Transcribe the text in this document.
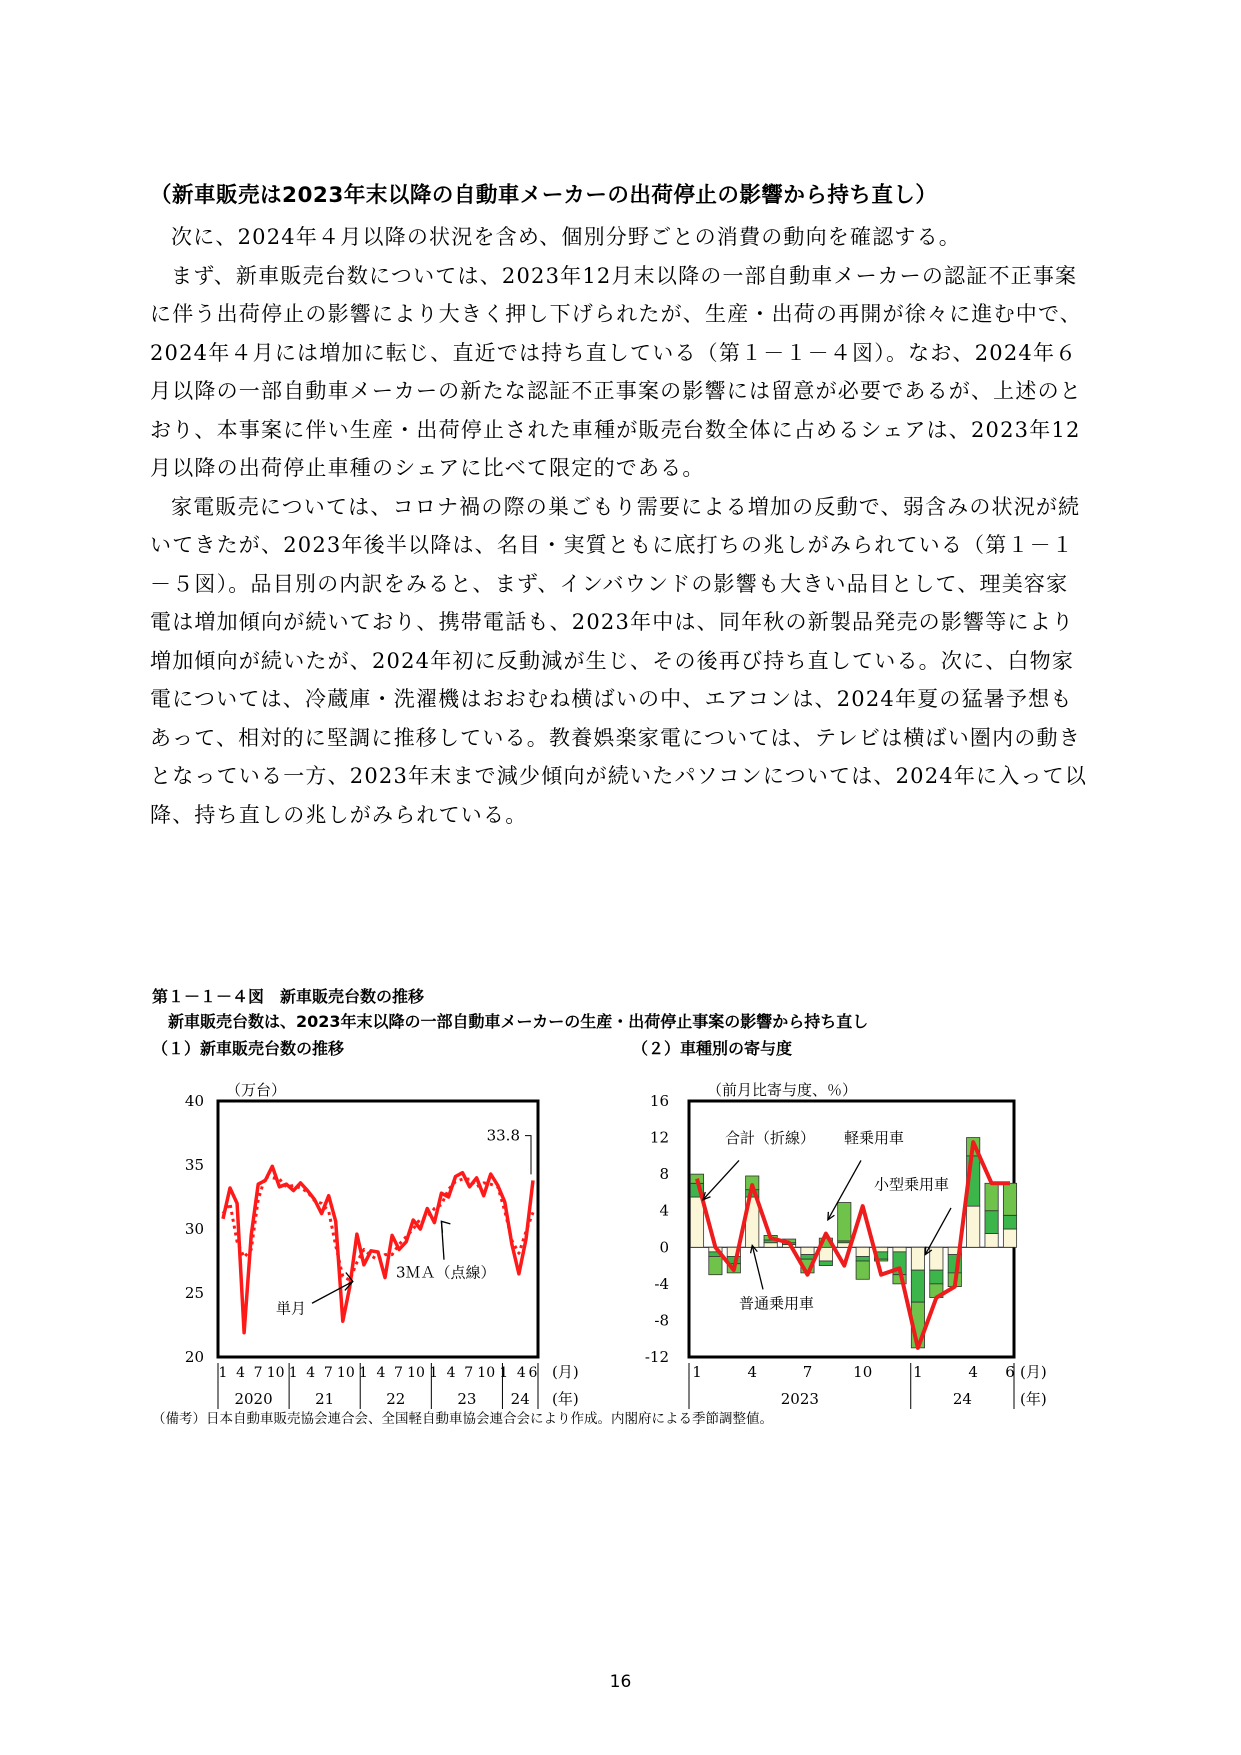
（新車販売は2023年末以降の自動車メーカーの出荷停止の影響から持ち直し）

次に、2024年４月以降の状況を含め、個別分野ごとの消費の動向を確認する。

まず、新車販売台数については、2023年12月末以降の一部自動車メーカーの認証不正事案に伴う出荷停止の影響により大きく押し下げられたが、生産・出荷の再開が徐々に進む中で、2024年４月には増加に転じ、直近では持ち直している（第１－１－４図）。なお、2024年６月以降の一部自動車メーカーの新たな認証不正事案の影響には留意が必要であるが、上述のとおり、本事案に伴い生産・出荷停止された車種が販売台数全体に占めるシェアは、2023年12月以降の出荷停止車種のシェアに比べて限定的である。

家電販売については、コロナ禍の際の巣ごもり需要による増加の反動で、弱含みの状況が続いてきたが、2023年後半以降は、名目・実質ともに底打ちの兆しがみられている（第１－１－５図）。品目別の内訳をみると、まず、インバウンドの影響も大きい品目として、理美容家電は増加傾向が続いており、携帯電話も、2023年中は、同年秋の新製品発売の影響等により増加傾向が続いたが、2024年初に反動減が生じ、その後再び持ち直している。次に、白物家電については、冷蔵庫・洗濯機はおおむね横ばいの中、エアコンは、2024年夏の猛暑予想もあって、相対的に堅調に推移している。教養娯楽家電については、テレビは横ばい圏内の動きとなっている一方、2023年末まで減少傾向が続いたパソコンについては、2024年に入って以降、持ち直しの兆しがみられている。

第１－１－４図　新車販売台数の推移
新車販売台数は、2023年末以降の一部自動車メーカーの生産・出荷停止事案の影響から持ち直し
（１）新車販売台数の推移	（２）車種別の寄与度
（万台）
20
25
30
35
40
1 4 7 10 1 4 7 10 1 4 7 10 1 4 7 10 1 4 6 (月)
2020	21	22	23 24 (年)
33.8
単月
3ＭＡ（点線）
（前月比寄与度、％）
-12
-8
-4
0
4
8
12
16
1	4	7	10	1	4 6 (月)
2023	24	(年)
合計（折線） 軽乗用車
小型乗用車
普通乗用車
（備考）日本自動車販売協会連合会、全国軽自動車協会連合会により作成。内閣府による季節調整値。
16
